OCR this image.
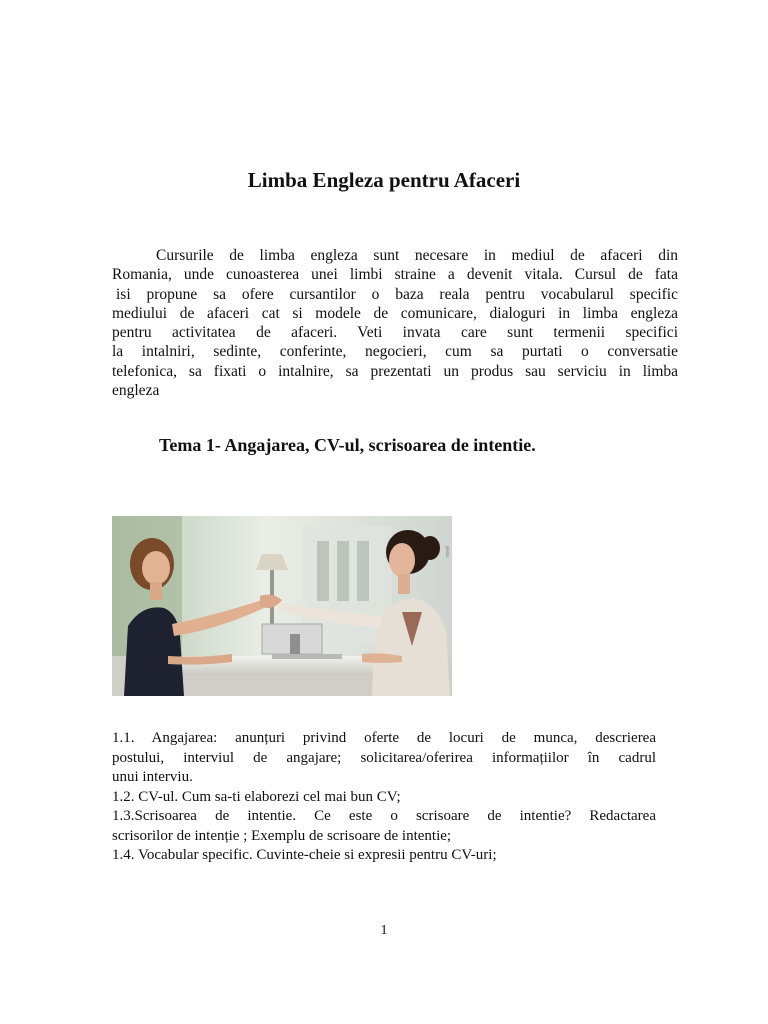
Limba Engleza pentru Afaceri
Cursurile de limba engleza sunt necesare in mediul de afaceri din
Romania, unde cunoasterea unei limbi straine a devenit vitala. Cursul de fata
isi propune sa ofere cursantilor o baza reala pentru vocabularul specific
mediului de afaceri cat si modele de comunicare, dialoguri in limba engleza
pentru activitatea de afaceri. Veti invata care sunt termenii specifici
la intalniri, sedinte, conferinte, negocieri, cum sa purtati o conversatie
telefonica, sa fixati o intalnire, sa prezentati un produs sau serviciu in limba
engleza
Tema 1- Angajarea, CV-ul, scrisoarea de intentie.
photo
1.1. Angajarea: anunțuri privind oferte de locuri de munca, descrierea
postului, interviul de angajare; solicitarea/oferirea informațiilor în cadrul
unui interviu.
1.2. CV-ul. Cum sa-ti elaborezi cel mai bun CV;
1.3.Scrisoarea de intentie. Ce este o scrisoare de intentie? Redactarea
scrisorilor de intenție ; Exemplu de scrisoare de intentie;
1.4. Vocabular specific. Cuvinte-cheie si expresii pentru CV-uri;
1
